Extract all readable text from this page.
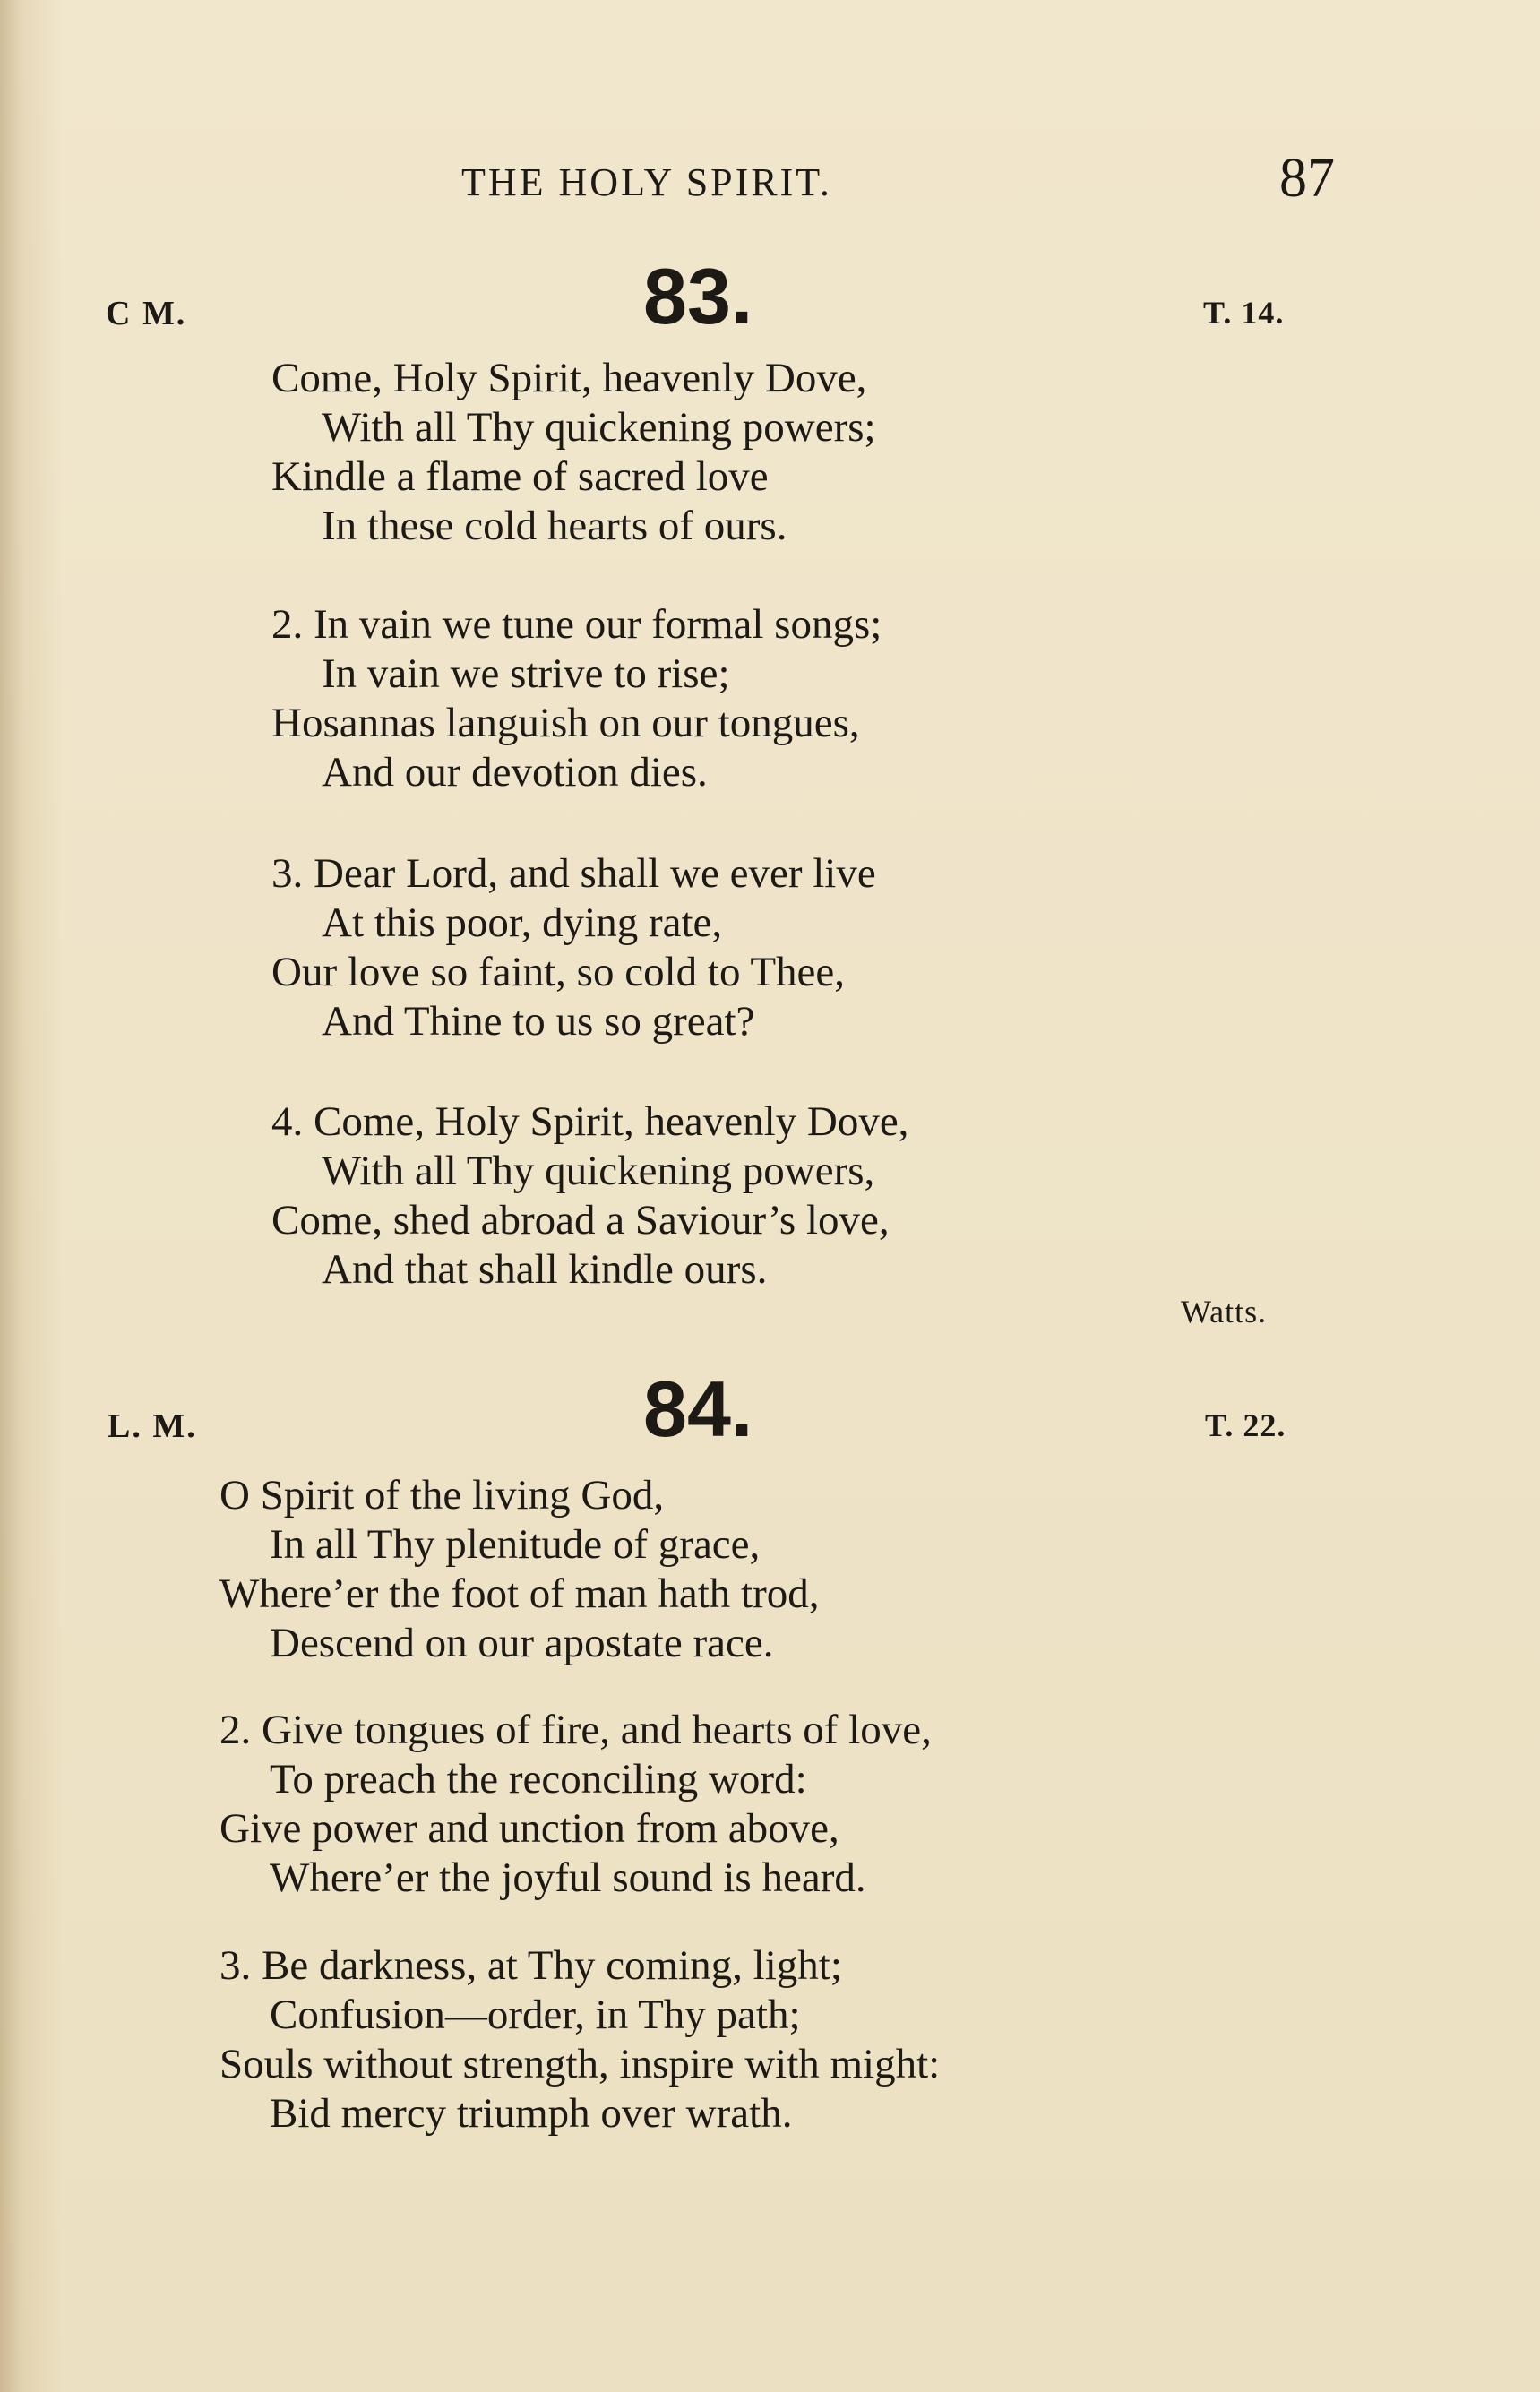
THE HOLY SPIRIT.	87
C M.	83.	T. 14.
Come, Holy Spirit, heavenly Dove,
With all Thy quickening powers;
Kindle a flame of sacred love
In these cold hearts of ours.
2. In vain we tune our formal songs;
In vain we strive to rise;
Hosannas languish on our tongues,
And our devotion dies.
3. Dear Lord, and shall we ever live
At this poor, dying rate,
Our love so faint, so cold to Thee,
And Thine to us so great?
4. Come, Holy Spirit, heavenly Dove,
With all Thy quickening powers,
Come, shed abroad a Saviour’s love,
And that shall kindle ours.
Watts.
L. M.	84.	T. 22.
O Spirit of the living God,
In all Thy plenitude of grace,
Where’er the foot of man hath trod,
Descend on our apostate race.
2. Give tongues of fire, and hearts of love,
To preach the reconciling word:
Give power and unction from above,
Where’er the joyful sound is heard.
3. Be darkness, at Thy coming, light;
Confusion—order, in Thy path;
Souls without strength, inspire with might:
Bid mercy triumph over wrath.
